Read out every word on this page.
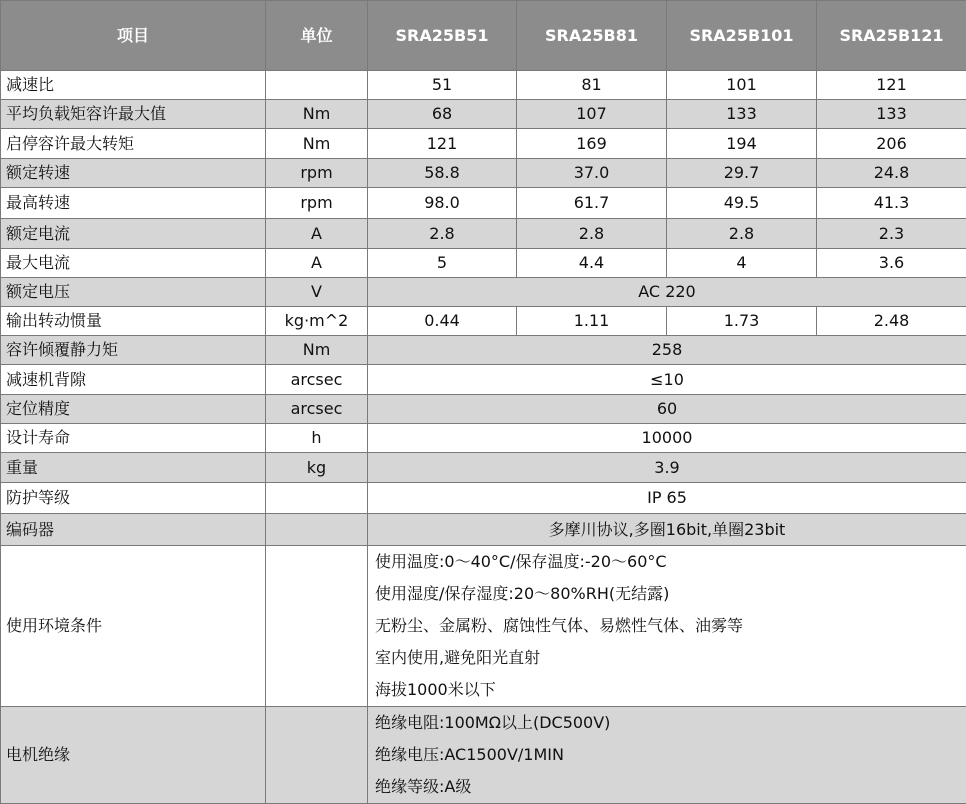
项目	单位	SRA25B51	SRA25B81	SRA25B101	SRA25B121
减速比		51	81	101	121
平均负载矩容许最大值	Nm	68	107	133	133
启停容许最大转矩	Nm	121	169	194	206
额定转速	rpm	58.8	37.0	29.7	24.8
最高转速	rpm	98.0	61.7	49.5	41.3
额定电流	A	2.8	2.8	2.8	2.3
最大电流	A	5	4.4	4	3.6
额定电压	V	AC 220			
输出转动惯量	kg·m^2	0.44	1.11	1.73	2.48
容许倾覆静力矩	Nm	258			
减速机背隙	arcsec	≤10			
定位精度	arcsec	60			
设计寿命	h	10000			
重量	kg	3.9			
防护等级		IP 65			
编码器		多摩川协议,多圈16bit,单圈23bit			
使用环境条件		使用温度:0～40°C/保存温度:-20～60°C
使用湿度/保存湿度:20～80%RH(无结露)
无粉尘、金属粉、腐蚀性气体、易燃性气体、油雾等
室内使用,避免阳光直射
海拔1000米以下			

电机绝缘		绝缘电阻:100MΩ以上(DC500V)
绝缘电压:AC1500V/1MIN
绝缘等级:A级			
